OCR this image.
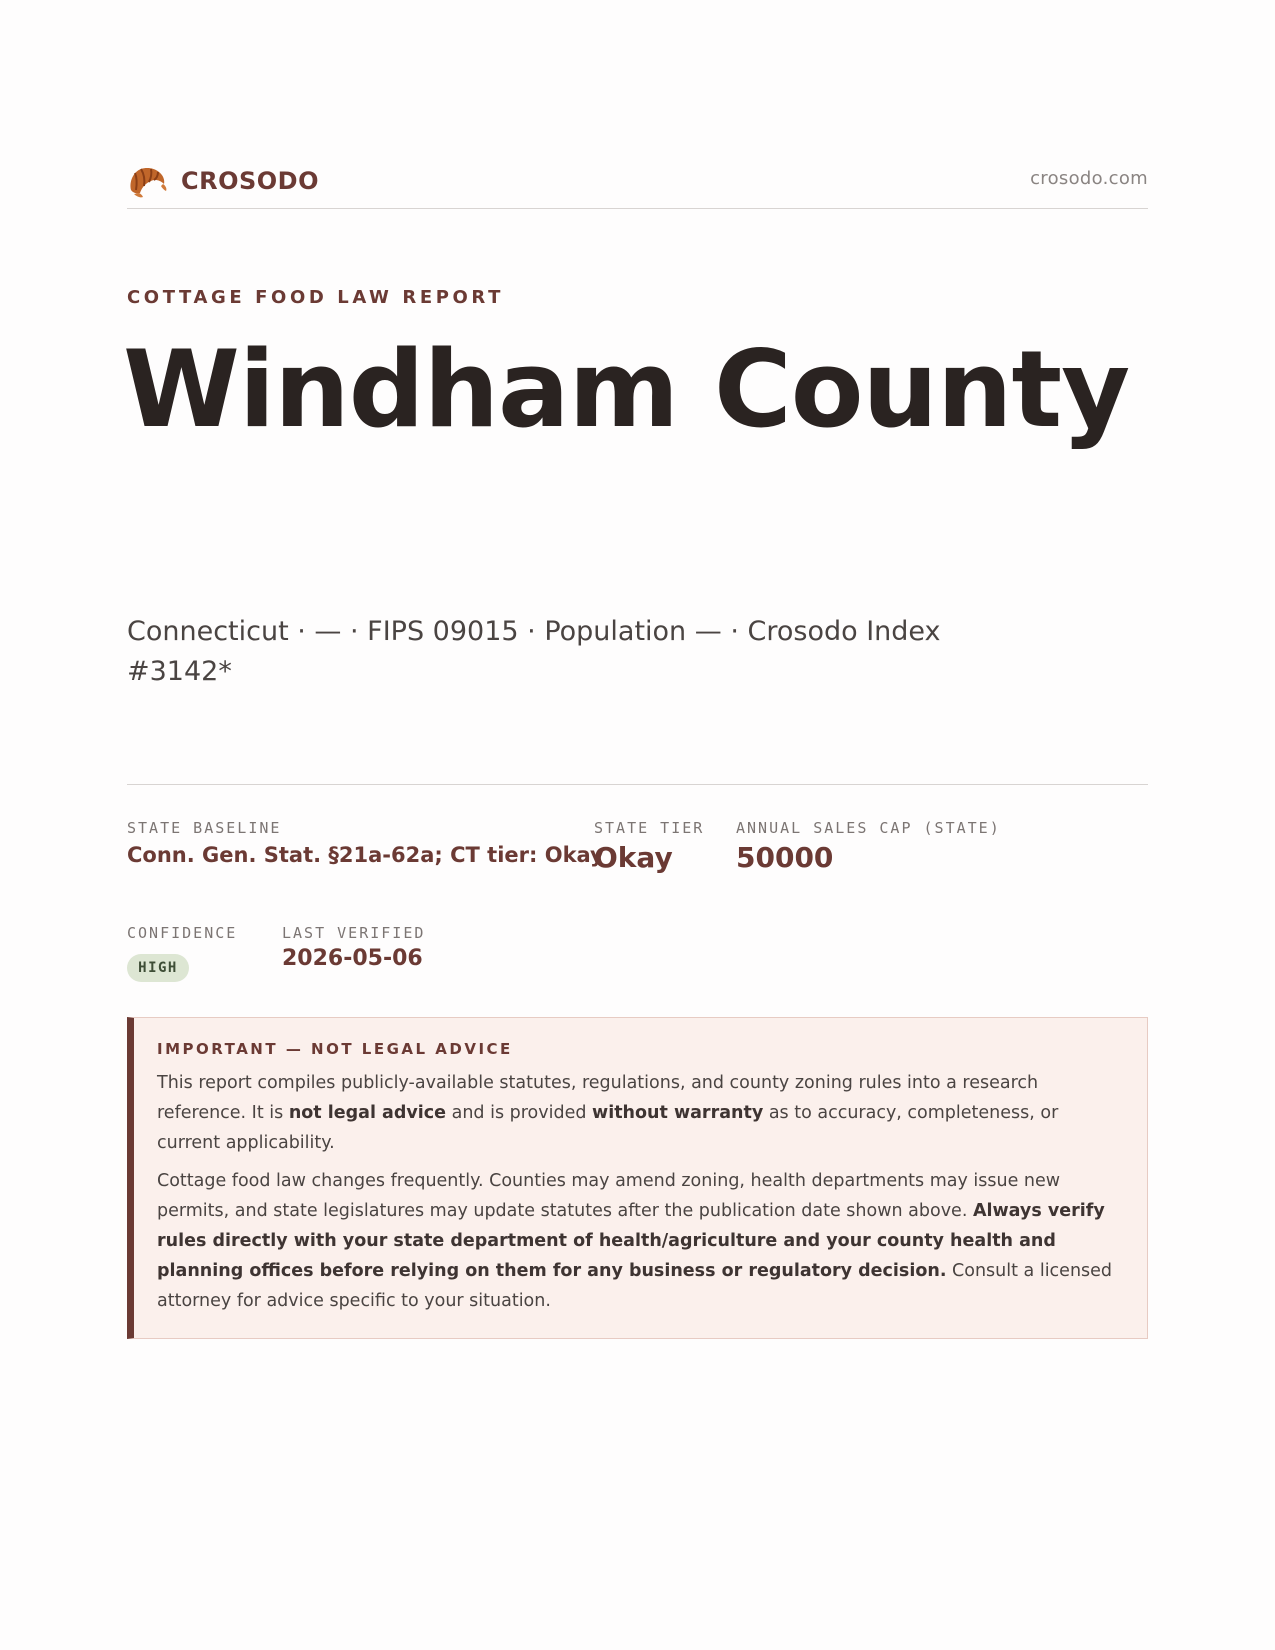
CROSODO	crosodo.com
COTTAGE FOOD LAW REPORT
Windham County
Connecticut · — · FIPS 09015 · Population — · Crosodo Index #3142*
STATE BASELINE
Conn. Gen. Stat. §21a-62a; CT tier: Okay
STATE TIER
Okay
ANNUAL SALES CAP (STATE)
50000
CONFIDENCE
HIGH
LAST VERIFIED
2026-05-06
IMPORTANT — NOT LEGAL ADVICE

This report compiles publicly-available statutes, regulations, and county zoning rules into a research reference. It is not legal advice and is provided without warranty as to accuracy, completeness, or current applicability.

Cottage food law changes frequently. Counties may amend zoning, health departments may issue new permits, and state legislatures may update statutes after the publication date shown above. Always verify rules directly with your state department of health/agriculture and your county health and planning offices before relying on them for any business or regulatory decision. Consult a licensed attorney for advice specific to your situation.
